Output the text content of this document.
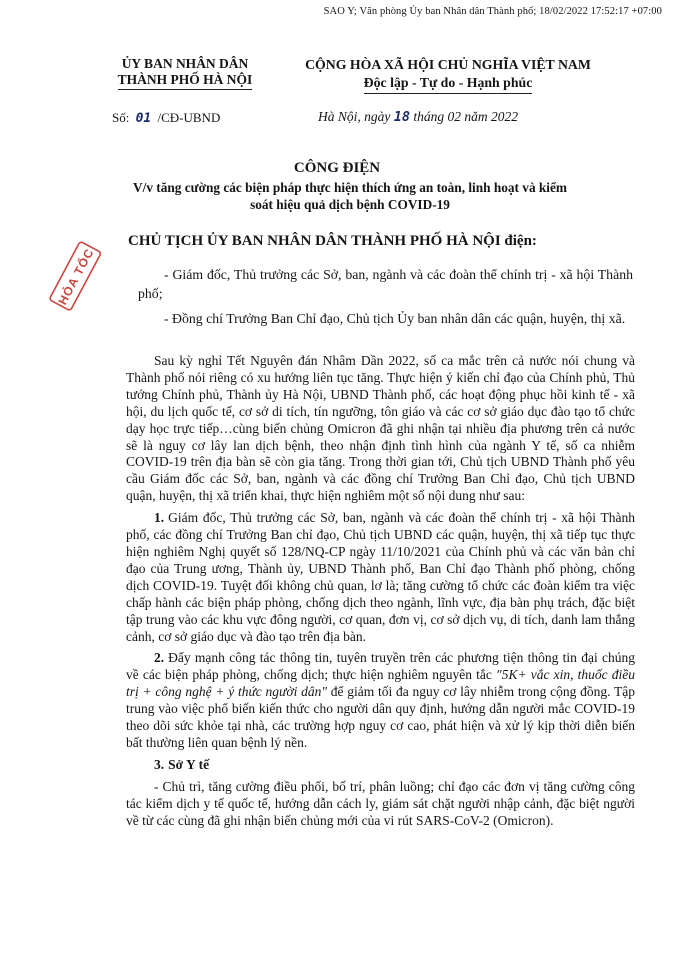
SAO Y; Văn phòng Ủy ban Nhân dân Thành phố; 18/02/2022 17:52:17 +07:00
ỦY BAN NHÂN DÂN
THÀNH PHỐ HÀ NỘI
CỘNG HÒA XÃ HỘI CHỦ NGHĨA VIỆT NAM
Độc lập - Tự do - Hạnh phúc
Số: 01 /CĐ-UBND	Hà Nội, ngày 18 tháng 02 năm 2022
HỎA TỐC
CÔNG ĐIỆN
V/v tăng cường các biện pháp thực hiện thích ứng an toàn, linh hoạt và kiểm soát hiệu quả dịch bệnh COVID-19
CHỦ TỊCH ỦY BAN NHÂN DÂN THÀNH PHỐ HÀ NỘI điện:

- Giám đốc, Thủ trưởng các Sở, ban, ngành và các đoàn thể chính trị - xã hội Thành phố;

- Đồng chí Trưởng Ban Chỉ đạo, Chủ tịch Ủy ban nhân dân các quận, huyện, thị xã.

Sau kỳ nghỉ Tết Nguyên đán Nhâm Dần 2022, số ca mắc trên cả nước nói chung và Thành phố nói riêng có xu hướng liên tục tăng. Thực hiện ý kiến chỉ đạo của Chính phủ, Thủ tướng Chính phủ, Thành ủy Hà Nội, UBND Thành phố, các hoạt động phục hồi kinh tế - xã hội, du lịch quốc tế, cơ sở di tích, tín ngưỡng, tôn giáo và các cơ sở giáo dục đào tạo tổ chức dạy học trực tiếp…cùng biến chủng Omicron đã ghi nhận tại nhiều địa phương trên cả nước sẽ là nguy cơ lây lan dịch bệnh, theo nhận định tình hình của ngành Y tế, số ca nhiễm COVID-19 trên địa bàn sẽ còn gia tăng. Trong thời gian tới, Chủ tịch UBND Thành phố yêu cầu Giám đốc các Sở, ban, ngành và các đồng chí Trưởng Ban Chỉ đạo, Chủ tịch UBND quận, huyện, thị xã triển khai, thực hiện nghiêm một số nội dung như sau:

1. Giám đốc, Thủ trưởng các Sở, ban, ngành và các đoàn thể chính trị - xã hội Thành phố, các đồng chí Trưởng Ban chỉ đạo, Chủ tịch UBND các quận, huyện, thị xã tiếp tục thực hiện nghiêm Nghị quyết số 128/NQ-CP ngày 11/10/2021 của Chính phủ và các văn bản chỉ đạo của Trung ương, Thành ủy, UBND Thành phố, Ban Chỉ đạo Thành phố phòng, chống dịch COVID-19. Tuyệt đối không chủ quan, lơ là; tăng cường tổ chức các đoàn kiểm tra việc chấp hành các biện pháp phòng, chống dịch theo ngành, lĩnh vực, địa bàn phụ trách, đặc biệt tập trung vào các khu vực đông người, cơ quan, đơn vị, cơ sở dịch vụ, di tích, danh lam thắng cảnh, cơ sở giáo dục và đào tạo trên địa bàn.

2. Đẩy mạnh công tác thông tin, tuyên truyền trên các phương tiện thông tin đại chúng về các biện pháp phòng, chống dịch; thực hiện nghiêm nguyên tắc "5K+ vắc xin, thuốc điều trị + công nghệ + ý thức người dân" để giảm tối đa nguy cơ lây nhiễm trong cộng đồng. Tập trung vào việc phổ biến kiến thức cho người dân quy định, hướng dẫn người mắc COVID-19 theo dõi sức khỏe tại nhà, các trường hợp nguy cơ cao, phát hiện và xử lý kịp thời diễn biến bất thường liên quan bệnh lý nền.

3. Sở Y tế

- Chủ trì, tăng cường điều phối, bố trí, phân luồng; chỉ đạo các đơn vị tăng cường công tác kiểm dịch y tế quốc tế, hướng dẫn cách ly, giám sát chặt người nhập cảnh, đặc biệt người về từ các cùng đã ghi nhận biến chủng mới của vi rút SARS-CoV-2 (Omicron).
